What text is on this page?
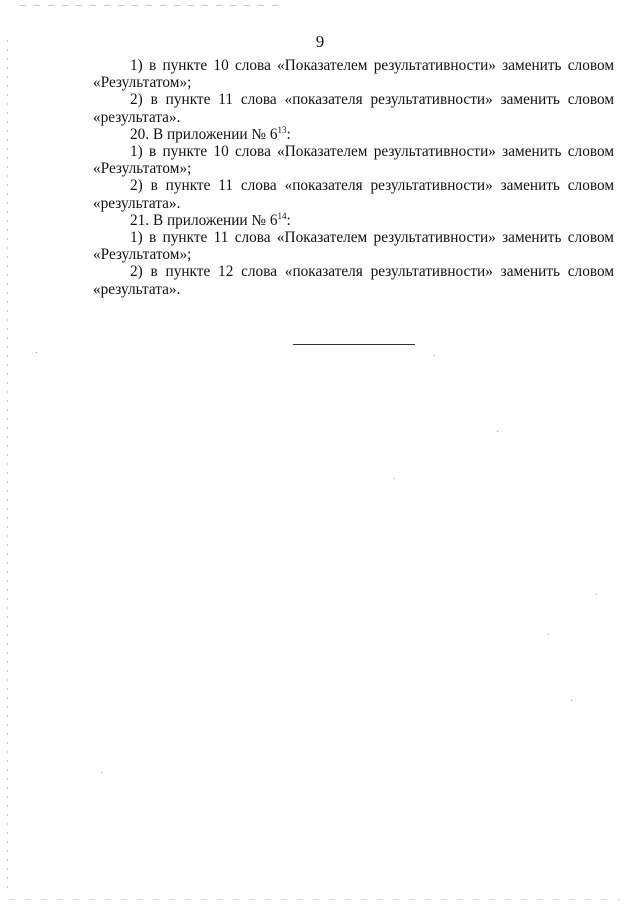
9

1) в пункте 10 слова «Показателем результативности» заменить словом «Результатом»;

2) в пункте 11 слова «показателя результативности» заменить словом «результата».

20. В приложении № $6^{13}$:

1) в пункте 10 слова «Показателем результативности» заменить словом «Результатом»;

2) в пункте 11 слова «показателя результативности» заменить словом «результата».

21. В приложении № $6^{14}$:

1) в пункте 11 слова «Показателем результативности» заменить словом «Результатом»;

2) в пункте 12 слова «показателя результативности» заменить словом «результата».
